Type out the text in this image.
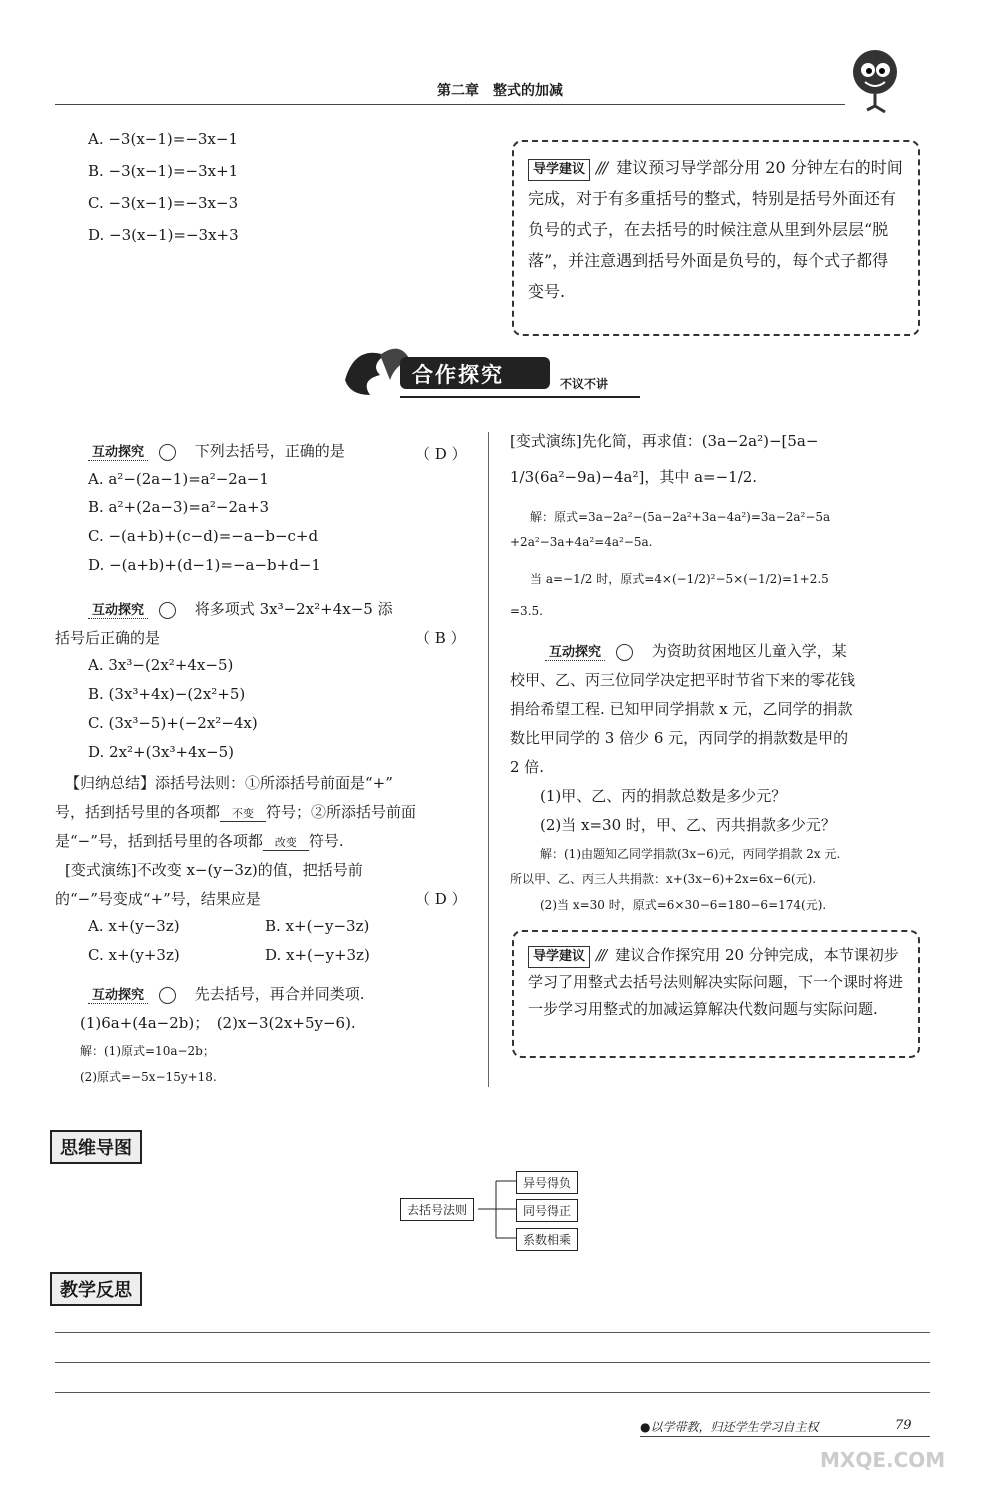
第二章　整式的加减
A. −3(x−1)=−3x−1
B. −3(x−1)=−3x+1
C. −3(x−1)=−3x−3
D. −3(x−1)=−3x+3
导学建议 /// 建议预习导学部分用 20 分钟左右的时间完成，对于有多重括号的整式，特别是括号外面还有负号的式子，在去括号的时候注意从里到外层层“脱落”，并注意遇到括号外面是负号的，每个式子都得变号.
合作探究	不议不讲
互动探究	下列去括号，正确的是	（ D ）
A. a²−(2a−1)=a²−2a−1
B. a²+(2a−3)=a²−2a+3
C. −(a+b)+(c−d)=−a−b−c+d
D. −(a+b)+(d−1)=−a−b+d−1
互动探究	将多项式 3x³−2x²+4x−5 添
括号后正确的是	（ B ）
A. 3x³−(2x²+4x−5)
B. (3x³+4x)−(2x²+5)
C. (3x³−5)+(−2x²−4x)
D. 2x²+(3x³+4x−5)
【归纳总结】添括号法则：①所添括号前面是“+”
号，括到括号里的各项都 不变 符号；②所添括号前面
是“−”号，括到括号里的各项都 改变 符号.
[变式演练]不改变 x−(y−3z)的值，把括号前
的“−”号变成“+”号，结果应是	（ D ）
A. x+(y−3z)	B. x+(−y−3z)
C. x+(y+3z)	D. x+(−y+3z)
互动探究	先去括号，再合并同类项.
(1)6a+(4a−2b)；　(2)x−3(2x+5y−6).
解：(1)原式=10a−2b；
(2)原式=−5x−15y+18.
[变式演练]先化简，再求值：(3a−2a²)−[5a−
1/3(6a²−9a)−4a²]，其中 a=−1/2.
解：原式=3a−2a²−(5a−2a²+3a−4a²)=3a−2a²−5a
+2a²−3a+4a²=4a²−5a.
当 a=−1/2 时，原式=4×(−1/2)²−5×(−1/2)=1+2.5
=3.5.
互动探究	为资助贫困地区儿童入学，某
校甲、乙、丙三位同学决定把平时节省下来的零花钱
捐给希望工程. 已知甲同学捐款 x 元，乙同学的捐款
数比甲同学的 3 倍少 6 元，丙同学的捐款数是甲的
2 倍.
(1)甲、乙、丙的捐款总数是多少元？
(2)当 x=30 时，甲、乙、丙共捐款多少元？
解：(1)由题知乙同学捐款(3x−6)元，丙同学捐款 2x 元.
所以甲、乙、丙三人共捐款：x+(3x−6)+2x=6x−6(元).
(2)当 x=30 时，原式=6×30−6=180−6=174(元).
导学建议 /// 建议合作探究用 20 分钟完成，本节课初步学习了用整式去括号法则解决实际问题，下一个课时将进一步学习用整式的加减运算解决代数问题与实际问题.
思维导图
去括号法则
异号得负
同号得正
系数相乘
教学反思
●以学带教，归还学生学习自主权	79
MXQE.COM
